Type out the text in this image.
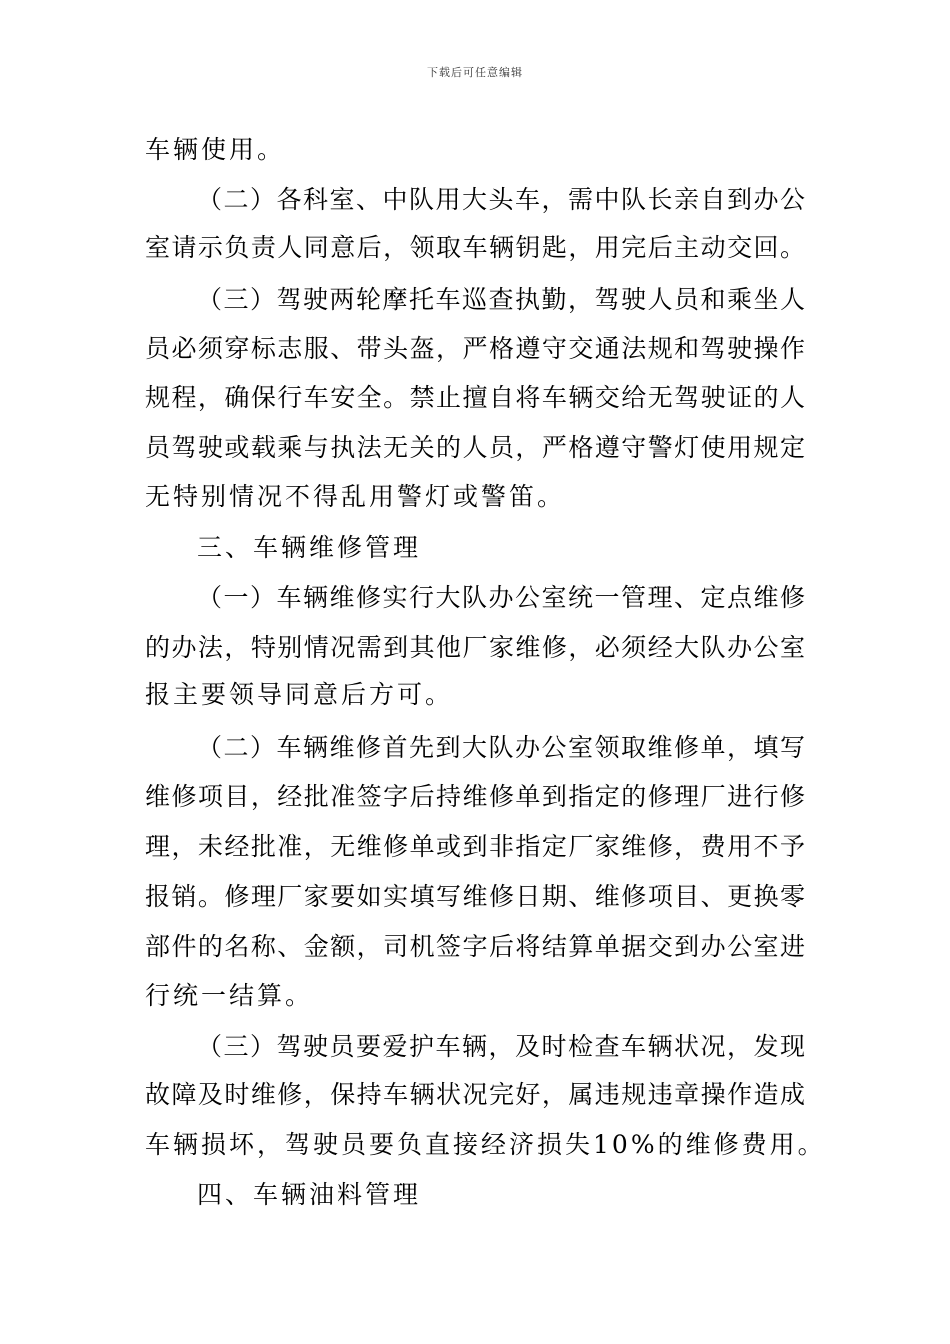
下载后可任意编辑
车辆使用。
（二）各科室、中队用大头车，需中队长亲自到办公
室请示负责人同意后，领取车辆钥匙，用完后主动交回。
（三）驾驶两轮摩托车巡查执勤，驾驶人员和乘坐人
员必须穿标志服、带头盔，严格遵守交通法规和驾驶操作
规程，确保行车安全。禁止擅自将车辆交给无驾驶证的人
员驾驶或载乘与执法无关的人员，严格遵守警灯使用规定
无特别情况不得乱用警灯或警笛。
三、车辆维修管理
（一）车辆维修实行大队办公室统一管理、定点维修
的办法，特别情况需到其他厂家维修，必须经大队办公室
报主要领导同意后方可。
（二）车辆维修首先到大队办公室领取维修单，填写
维修项目，经批准签字后持维修单到指定的修理厂进行修
理，未经批准，无维修单或到非指定厂家维修，费用不予
报销。修理厂家要如实填写维修日期、维修项目、更换零
部件的名称、金额，司机签字后将结算单据交到办公室进
行统一结算。
（三）驾驶员要爱护车辆，及时检查车辆状况，发现
故障及时维修，保持车辆状况完好，属违规违章操作造成
车辆损坏，驾驶员要负直接经济损失10%的维修费用。
四、车辆油料管理
